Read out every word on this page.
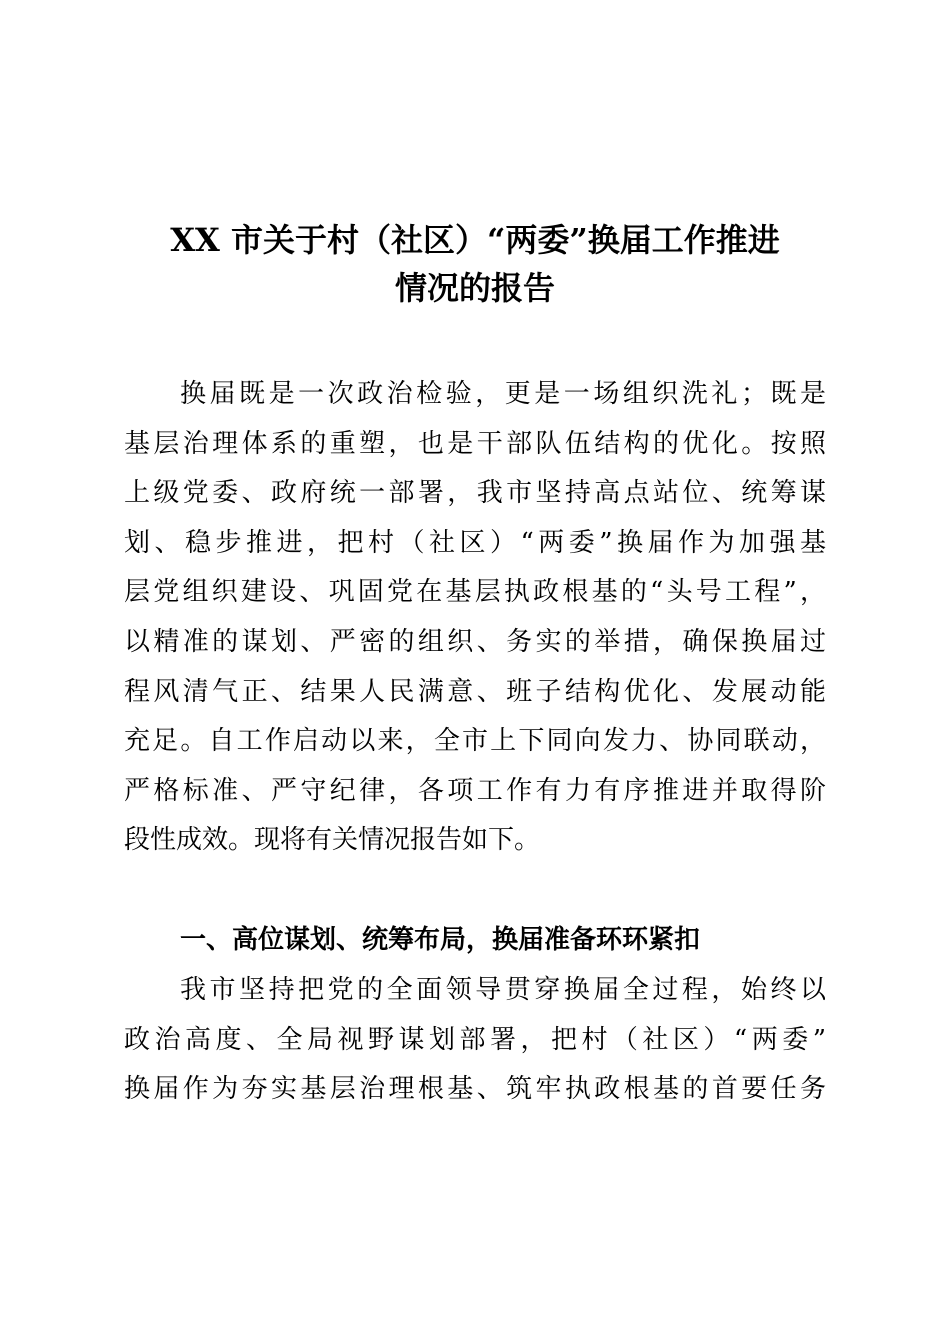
XX 市关于村（社区）“两委”换届工作推进
情况的报告
换届既是一次政治检验，更是一场组织洗礼；既是
基层治理体系的重塑，也是干部队伍结构的优化。按照
上级党委、政府统一部署，我市坚持高点站位、统筹谋
划、稳步推进，把村（社区）“两委”换届作为加强基
层党组织建设、巩固党在基层执政根基的“头号工程”，
以精准的谋划、严密的组织、务实的举措，确保换届过
程风清气正、结果人民满意、班子结构优化、发展动能
充足。自工作启动以来，全市上下同向发力、协同联动，
严格标准、严守纪律，各项工作有力有序推进并取得阶
段性成效。现将有关情况报告如下。
一、高位谋划、统筹布局，换届准备环环紧扣
我市坚持把党的全面领导贯穿换届全过程，始终以
政治高度、全局视野谋划部署，把村（社区）“两委”
换届作为夯实基层治理根基、筑牢执政根基的首要任务
